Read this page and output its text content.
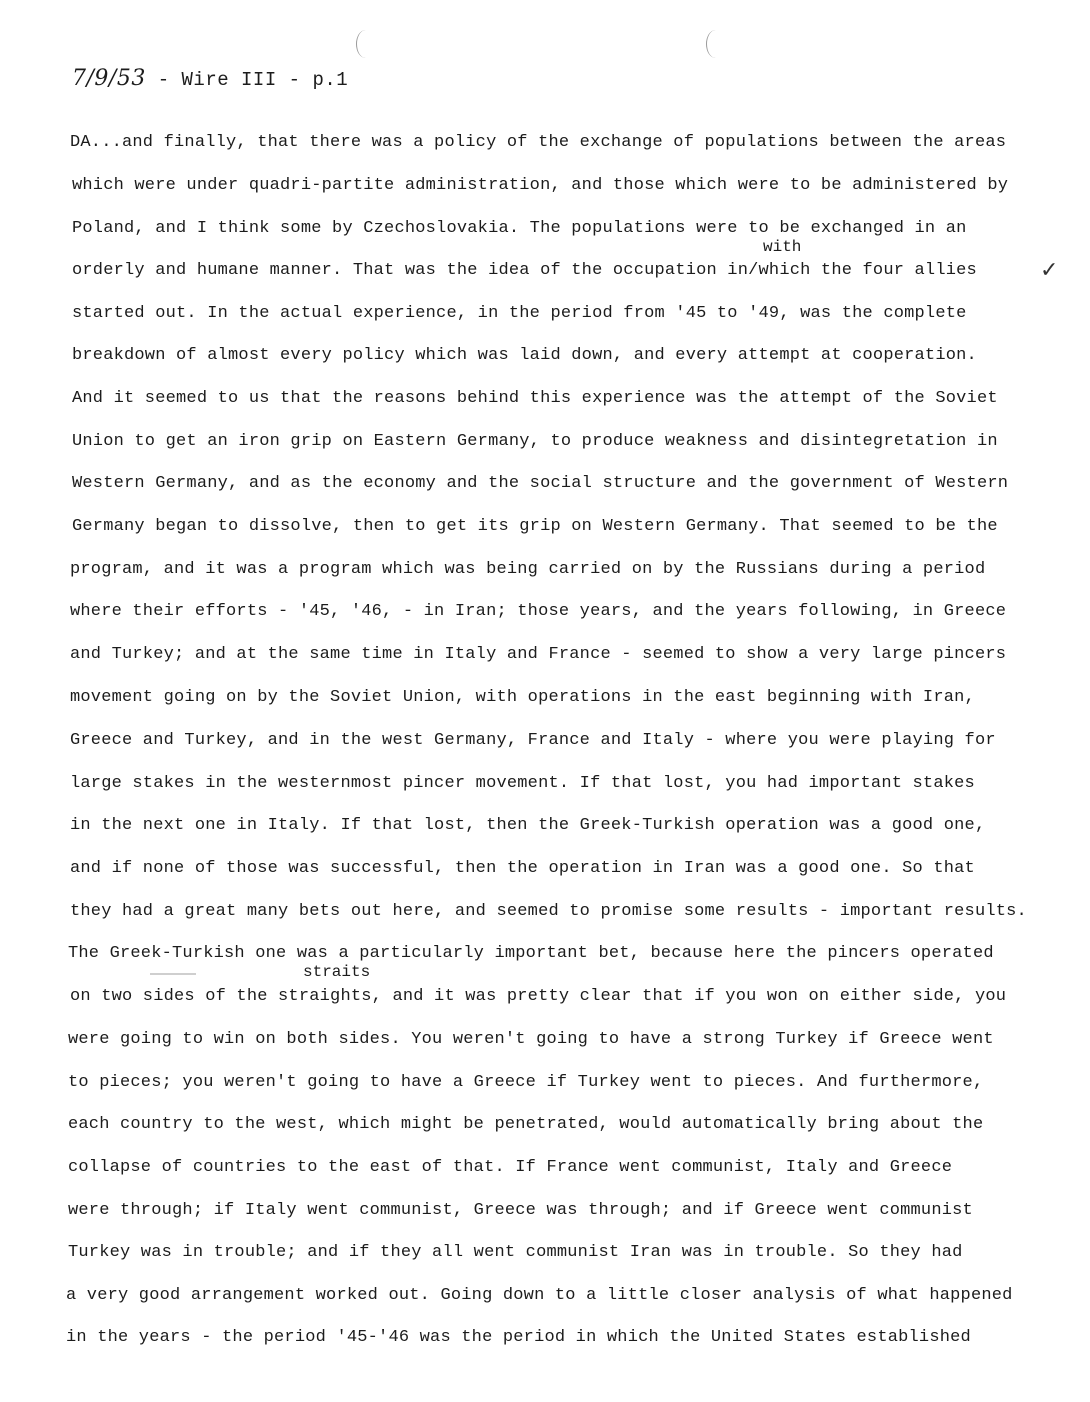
7/9/53 - Wire III - p.1
with
straits
✓
DA...and finally, that there was a policy of the exchange of populations between the areas
which were under quadri-partite administration, and those which were to be administered by
Poland, and I think some by Czechoslovakia. The populations were to be exchanged in an
orderly and humane manner. That was the idea of the occupation in/which the four allies
started out. In the actual experience, in the period from '45 to '49, was the complete
breakdown of almost every policy which was laid down, and every attempt at cooperation.
And it seemed to us that the reasons behind this experience was the attempt of the Soviet
Union to get an iron grip on Eastern Germany, to produce weakness and disintegretation in
Western Germany, and as the economy and the social structure and the government of Western
Germany began to dissolve, then to get its grip on Western Germany. That seemed to be the
program, and it was a program which was being carried on by the Russians during a period
where their efforts - '45, '46, - in Iran; those years, and the years following, in Greece
and Turkey; and at the same time in Italy and France - seemed to show a very large pincers
movement going on by the Soviet Union, with operations in the east beginning with Iran,
Greece and Turkey, and in the west Germany, France and Italy - where you were playing for
large stakes in the westernmost pincer movement. If that lost, you had important stakes
in the next one in Italy. If that lost, then the Greek-Turkish operation was a good one,
and if none of those was successful, then the operation in Iran was a good one. So that
they had a great many bets out here, and seemed to promise some results - important results.
The Greek-Turkish one was a particularly important bet, because here the pincers operated
on two sides of the straights, and it was pretty clear that if you won on either side, you
were going to win on both sides. You weren't going to have a strong Turkey if Greece went
to pieces; you weren't going to have a Greece if Turkey went to pieces. And furthermore,
each country to the west, which might be penetrated, would automatically bring about the
collapse of countries to the east of that. If France went communist, Italy and Greece
were through; if Italy went communist, Greece was through; and if Greece went communist
Turkey was in trouble; and if they all went communist Iran was in trouble. So they had
a very good arrangement worked out. Going down to a little closer analysis of what happened
in the years - the period '45-'46 was the period in which the United States established
